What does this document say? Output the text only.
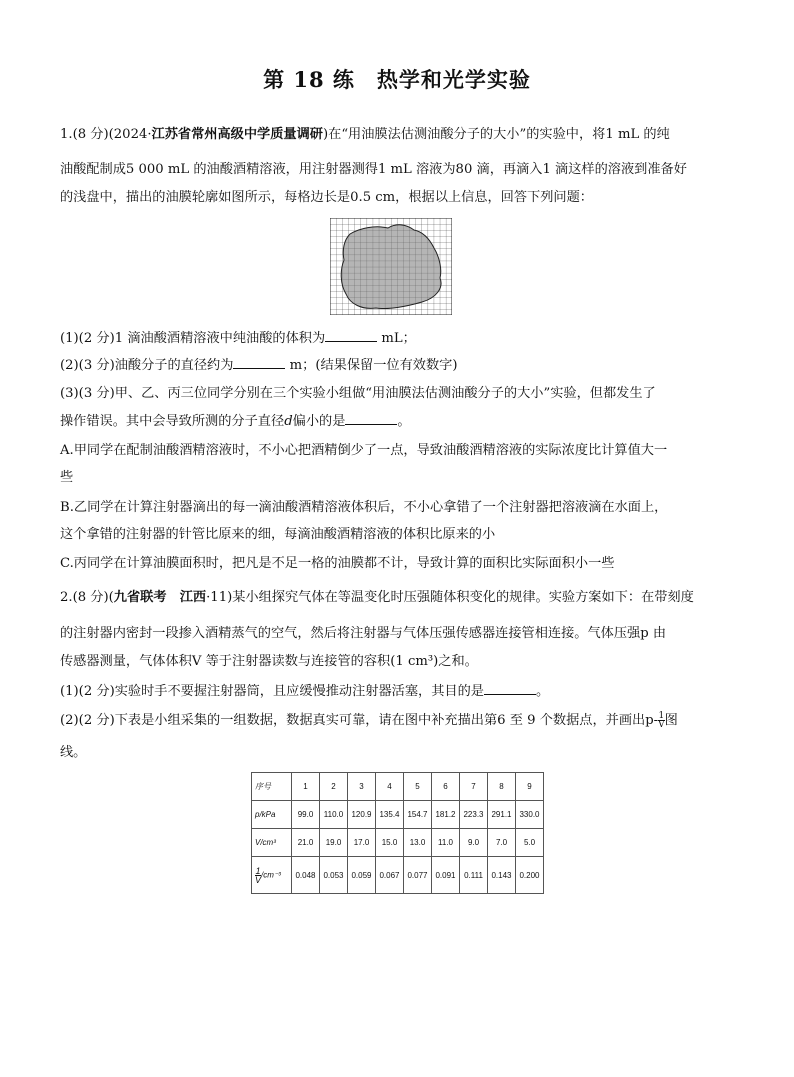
第 18 练　热学和光学实验
1.(8 分)(2024·江苏省常州高级中学质量调研)在“用油膜法估测油酸分子的大小”的实验中，将1 mL 的纯
油酸配制成5 000 mL 的油酸酒精溶液，用注射器测得1 mL 溶液为80 滴，再滴入1 滴这样的溶液到准备好
的浅盘中，描出的油膜轮廓如图所示，每格边长是0.5 cm，根据以上信息，回答下列问题：
(1)(2 分)1 滴油酸酒精溶液中纯油酸的体积为	mL；
(2)(3 分)油酸分子的直径约为	m；(结果保留一位有效数字)
(3)(3 分)甲、乙、丙三位同学分别在三个实验小组做“用油膜法估测油酸分子的大小”实验，但都发生了
操作错误。其中会导致所测的分子直径d偏小的是	。
A.甲同学在配制油酸酒精溶液时，不小心把酒精倒少了一点，导致油酸酒精溶液的实际浓度比计算值大一
些
B.乙同学在计算注射器滴出的每一滴油酸酒精溶液体积后，不小心拿错了一个注射器把溶液滴在水面上，
这个拿错的注射器的针管比原来的细，每滴油酸酒精溶液的体积比原来的小
C.丙同学在计算油膜面积时，把凡是不足一格的油膜都不计，导致计算的面积比实际面积小一些
2.(8 分)(九省联考　江西·11)某小组探究气体在等温变化时压强随体积变化的规律。实验方案如下：在带刻度
的注射器内密封一段掺入酒精蒸气的空气，然后将注射器与气体压强传感器连接管相连接。气体压强p 由
传感器测量，气体体积V 等于注射器读数与连接管的容积(1 cm³)之和。
(1)(2 分)实验时手不要握注射器筒，且应缓慢推动注射器活塞，其目的是	。
(2)(2 分)下表是小组采集的一组数据，数据真实可靠，请在图中补充描出第6 至 9 个数据点，并画出$p- \frac{1}{V}$图
线。
序号	1	2	3	4	5	6	7	8	9
p/kPa	99.0	110.0	120.9	135.4	154.7	181.2	223.3	291.1	330.0
V/cm³	21.0	19.0	17.0	15.0	13.0	11.0	9.0	7.0	5.0

$\frac{1}{V}/cm^{-3}$	0.048	0.053	0.059	0.067	0.077	0.091	0.111	0.143	0.200
